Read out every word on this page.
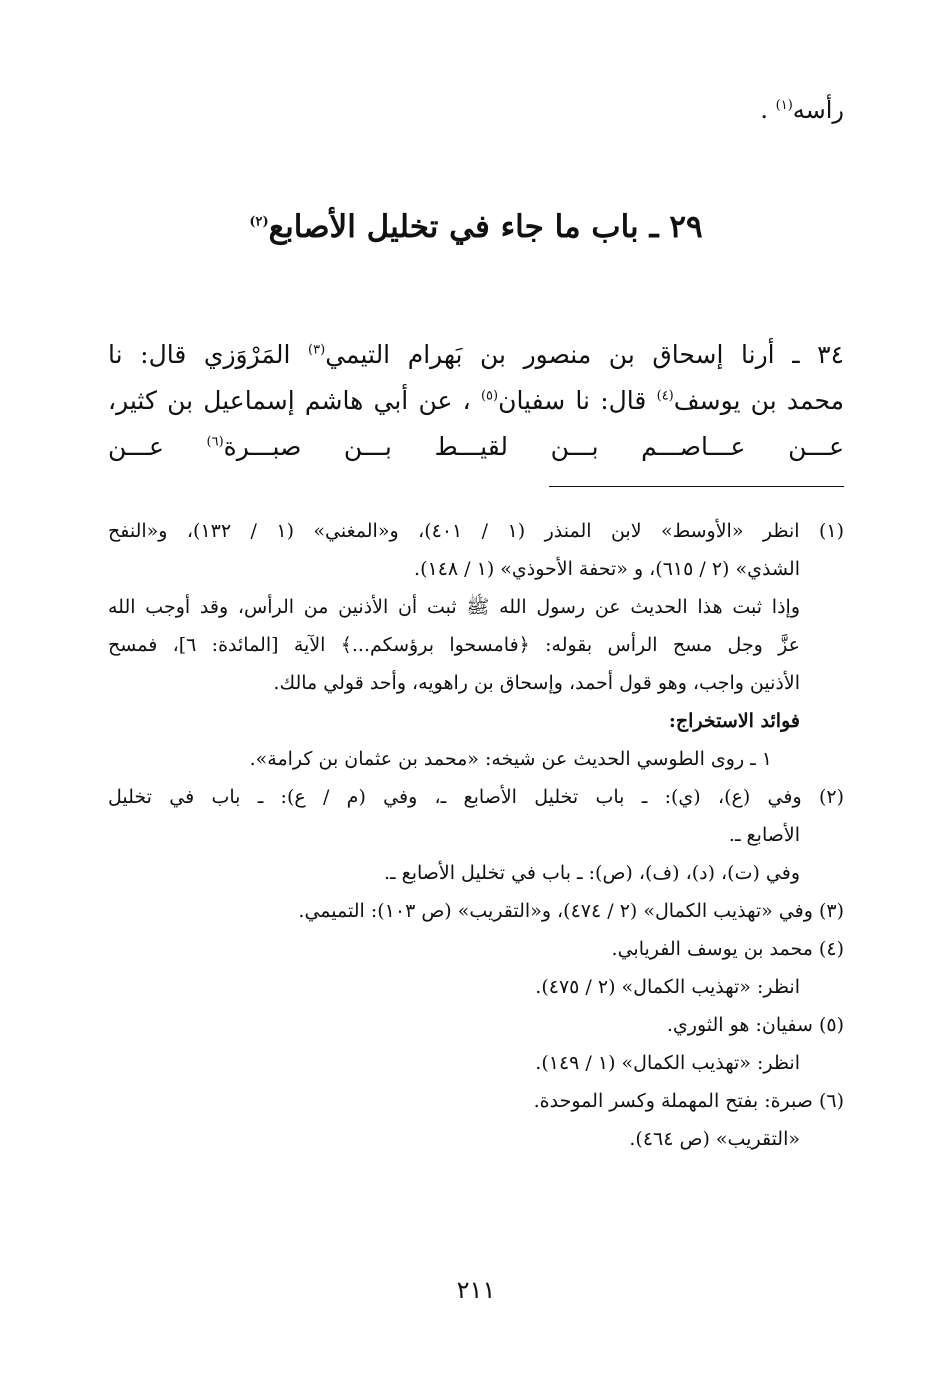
رأسه$^{(١)}$ .
٢٩ ـ باب ما جاء في تخليل الأصابع$^{(٢)}$
٣٤ ـ أرنا إسحاق بن منصور بن بَهرام التيمي$^{(٣)}$ المَرْوَزي قال: نا
محمد بن يوسف$^{(٤)}$ قال: نا سفيان$^{(٥)}$ ، عن أبي هاشم إسماعيل بن كثير،
عـــن عـــاصـــم بـــن لقيـــط بـــن صبـــرة$^{(٦)}$ عـــن
(١) انظر «الأوسط» لابن المنذر (١ / ٤٠١)، و«المغني» (١ / ١٣٢)، و«النفح
الشذي» (٢ / ٦١٥)، و «تحفة الأحوذي» (١ / ١٤٨).
وإذا ثبت هذا الحديث عن رسول الله ﷺ ثبت أن الأذنين من الرأس، وقد أوجب الله
عزَّ وجل مسح الرأس بقوله: ﴿فامسحوا برؤسكم...﴾ الآية [المائدة: ٦]، فمسح
الأذنين واجب، وهو قول أحمد، وإسحاق بن راهويه، وأحد قولي مالك.
فوائد الاستخراج:
١ ـ روى الطوسي الحديث عن شيخه: «محمد بن عثمان بن كرامة».
(٢) وفي (ع)، (ي): ـ باب تخليل الأصابع ـ، وفي (م / ع): ـ باب في تخليل
الأصابع ـ.
وفي (ت)، (د)، (ف)، (ص): ـ باب في تخليل الأصابع ـ.
(٣) وفي «تهذيب الكمال» (٢ / ٤٧٤)، و«التقريب» (ص ١٠٣): التميمي.
(٤) محمد بن يوسف الفريابي.
انظر: «تهذيب الكمال» (٢ / ٤٧٥).
(٥) سفيان: هو الثوري.
انظر: «تهذيب الكمال» (١ / ١٤٩).
(٦) صبرة: بفتح المهملة وكسر الموحدة.
«التقريب» (ص ٤٦٤).
٢١١
